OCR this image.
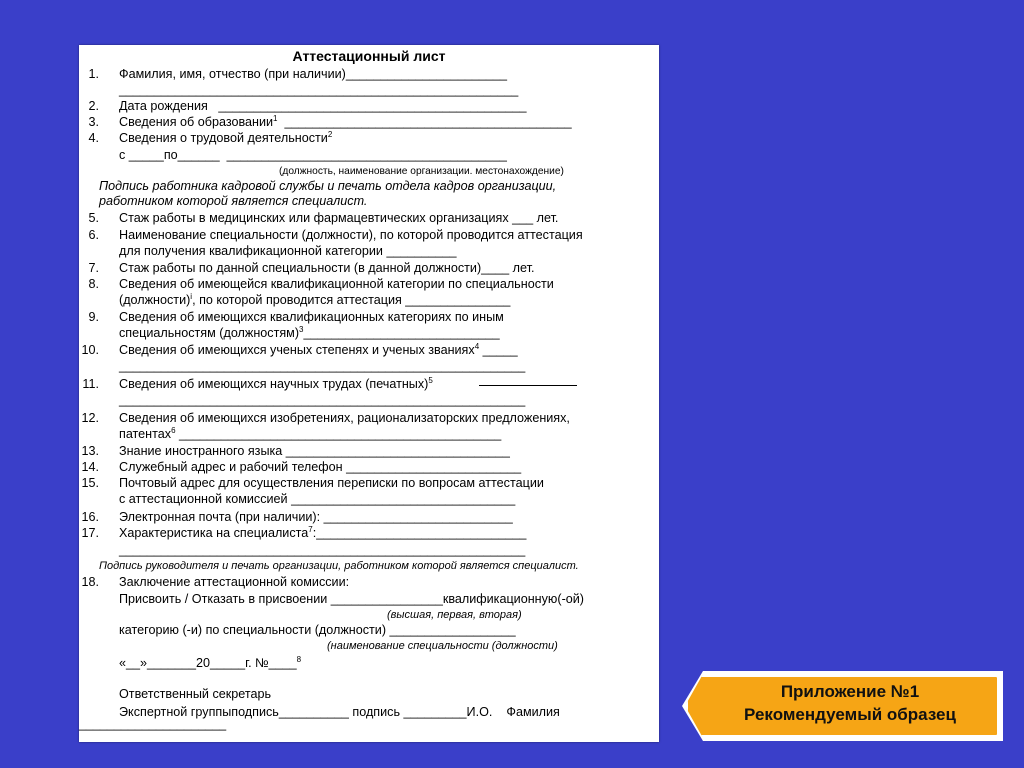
Аттестационный лист
1. Фамилия, имя, отчество (при наличии)_______________________
_________________________________________________________
2. Дата рождения   ____________________________________________
3. Сведения об образовании$^1$  _________________________________________
4. Сведения о трудовой деятельности$^2$
с _____по______  ________________________________________
(должность, наименование организации. местонахождение)
Подпись работника кадровой службы и печать отдела кадров организации,
работником которой является специалист.
5. Стаж работы в медицинских или фармацевтических организациях ___ лет.
6. Наименование специальности (должности), по которой проводится аттестация
для получения квалификационной категории __________
7. Стаж работы по данной специальности (в данной должности)____ лет.
8. Сведения об имеющейся квалификационной категории по специальности
(должности)$^i$, по которой проводится аттестация _______________
9. Сведения об имеющихся квалификационных категориях по иным
специальностям (должностям)$^3$____________________________
10. Сведения об имеющихся ученых степенях и ученых званиях$^4$ _____
__________________________________________________________
11. Сведения об имеющихся научных трудах (печатных)$^5$
__________________________________________________________
12. Сведения об имеющихся изобретениях, рационализаторских предложениях,
патентах$^6$ ______________________________________________
13. Знание иностранного языка ________________________________
14. Служебный адрес и рабочий телефон _________________________
15. Почтовый адрес для осуществления переписки по вопросам аттестации
с аттестационной комиссией ________________________________
16. Электронная почта (при наличии): ___________________________
17. Характеристика на специалиста$^7$:______________________________
__________________________________________________________
Подпись руководителя и печать организации, работником которой является специалист.
18. Заключение аттестационной комиссии:
Присвоить / Отказать в присвоении ________________квалификационную(-ой)
(высшая, первая, вторая)
категорию (-и) по специальности (должности) __________________
(наименование специальности (должности)
«__»_______20_____г. №____$^8$
Ответственный секретарь
Экспертной группыподпись__________ подпись _________И.О.    Фамилия
_____________________
Приложение №1
Рекомендуемый образец
